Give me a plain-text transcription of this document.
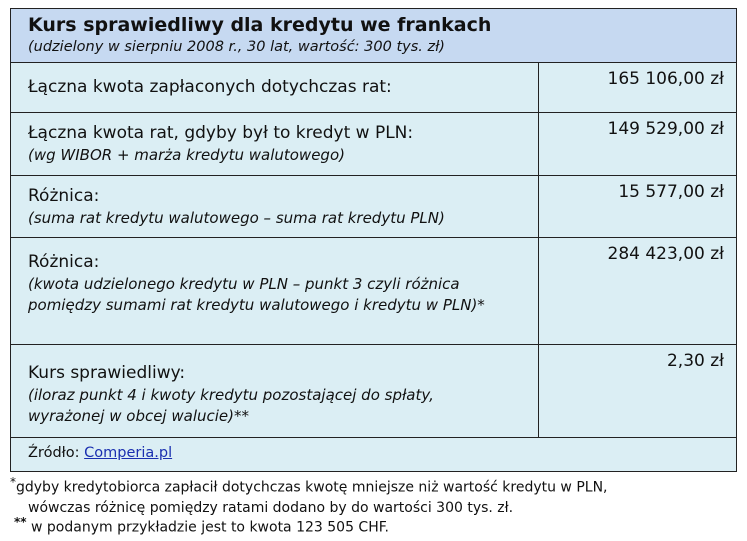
Kurs sprawiedliwy dla kredytu we frankach
(udzielony w sierpniu 2008 r., 30 lat, wartość: 300 tys. zł)
Łączna kwota zapłaconych dotychczas rat:	165 106,00 zł
Łączna kwota rat, gdyby był to kredyt w PLN:
(wg WIBOR + marża kredytu walutowego)
149 529,00 zł
Różnica:
(suma rat kredytu walutowego – suma rat kredytu PLN)
15 577,00 zł
Różnica:
(kwota udzielonego kredytu w PLN – punkt 3 czyli różnica pomiędzy sumami rat kredytu walutowego i kredytu w PLN)*
284 423,00 zł
Kurs sprawiedliwy:
(iloraz punkt 4 i kwoty kredytu pozostającej do spłaty, wyrażonej w obcej walucie)**
2,30 zł
Źródło: Comperia.pl
*gdyby kredytobiorca zapłacił dotychczas kwotę mniejsze niż wartość kredytu w PLN,
wówczas różnicę pomiędzy ratami dodano by do wartości 300 tys. zł.
** w podanym przykładzie jest to kwota 123 505 CHF.
